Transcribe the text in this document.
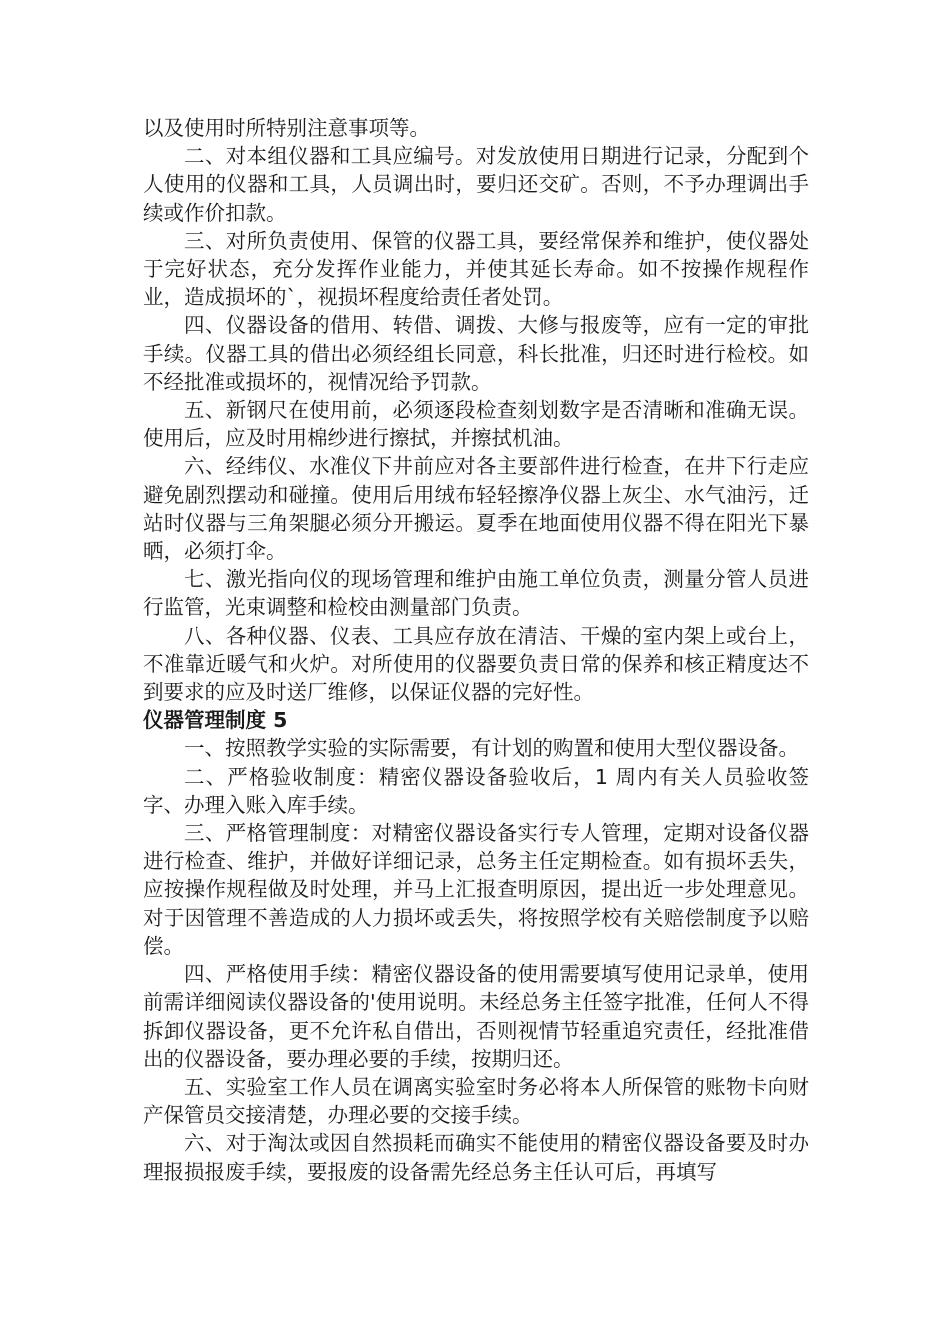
以及使用时所特别注意事项等。

二、对本组仪器和工具应编号。对发放使用日期进行记录，分配到个人使用的仪器和工具，人员调出时，要归还交矿。否则，不予办理调出手续或作价扣款。

三、对所负责使用、保管的仪器工具，要经常保养和维护，使仪器处于完好状态，充分发挥作业能力，并使其延长寿命。如不按操作规程作业，造成损坏的`，视损坏程度给责任者处罚。

四、仪器设备的借用、转借、调拨、大修与报废等，应有一定的审批手续。仪器工具的借出必须经组长同意，科长批准，归还时进行检校。如不经批准或损坏的，视情况给予罚款。

五、新钢尺在使用前，必须逐段检查刻划数字是否清晰和准确无误。使用后，应及时用棉纱进行擦拭，并擦拭机油。

六、经纬仪、水准仪下井前应对各主要部件进行检查，在井下行走应避免剧烈摆动和碰撞。使用后用绒布轻轻擦净仪器上灰尘、水气油污，迁站时仪器与三角架腿必须分开搬运。夏季在地面使用仪器不得在阳光下暴晒，必须打伞。

七、激光指向仪的现场管理和维护由施工单位负责，测量分管人员进行监管，光束调整和检校由测量部门负责。

八、各种仪器、仪表、工具应存放在清洁、干燥的室内架上或台上，不准靠近暖气和火炉。对所使用的仪器要负责日常的保养和核正精度达不到要求的应及时送厂维修，以保证仪器的完好性。

仪器管理制度 5

一、按照教学实验的实际需要，有计划的购置和使用大型仪器设备。

二、严格验收制度：精密仪器设备验收后，1 周内有关人员验收签字、办理入账入库手续。

三、严格管理制度：对精密仪器设备实行专人管理，定期对设备仪器进行检查、维护，并做好详细记录，总务主任定期检查。如有损坏丢失，应按操作规程做及时处理，并马上汇报查明原因，提出近一步处理意见。对于因管理不善造成的人力损坏或丢失，将按照学校有关赔偿制度予以赔偿。

四、严格使用手续：精密仪器设备的使用需要填写使用记录单，使用前需详细阅读仪器设备的'使用说明。未经总务主任签字批准，任何人不得拆卸仪器设备，更不允许私自借出，否则视情节轻重追究责任，经批准借出的仪器设备，要办理必要的手续，按期归还。

五、实验室工作人员在调离实验室时务必将本人所保管的账物卡向财产保管员交接清楚，办理必要的交接手续。

六、对于淘汰或因自然损耗而确实不能使用的精密仪器设备要及时办理报损报废手续，要报废的设备需先经总务主任认可后，再填写
